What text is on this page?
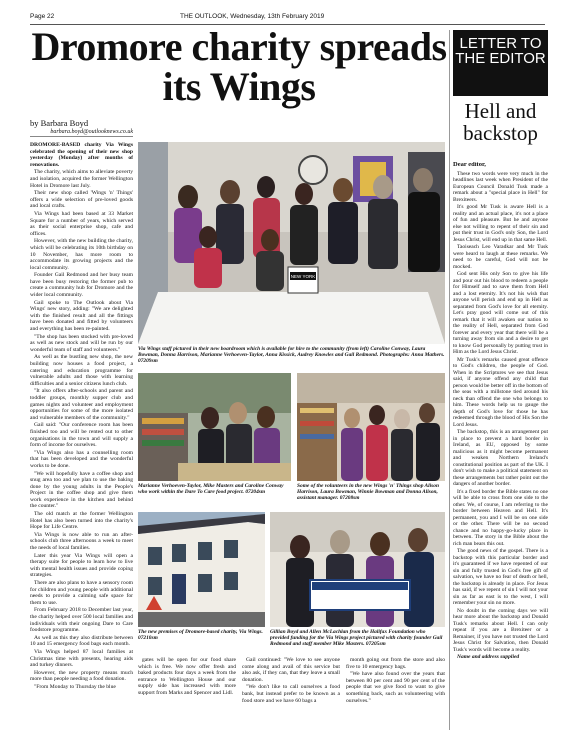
Page 22	THE OUTLOOK, Wednesday, 13th February 2019
Dromore charity spreads its Wings
by Barbara Boyd
barbara.boyd@outlooknews.co.uk

DROMORE-BASED charity Via Wings celebrated the opening of their new shop yesterday (Monday) after months of renovations.

The charity, which aims to alleviate poverty and isolation, acquired the former Wellington Hotel in Dromore last July.

Their new shop called 'Wings 'n' Things' offers a wide selection of pre-loved goods and local crafts.

Via Wings had been based at 33 Market Square for a number of years, which served as their social enterprise shop, cafe and offices.

However, with the new building the charity, which will be celebrating its 10th birthday on 10 November, has more room to accommodate its growing projects and the local community.

Founder Gail Redmond and her busy team have been busy restoring the former pub to create a community hub for Dromore and the wider local community.

Gail spoke to The Outlook about Via Wings' new story, adding: "We are delighted with the finished result and all the fittings have been donated and fitted by volunteers and everything has been re-painted.

"The shop has been stocked with pre-loved as well as new stock and will be run by our wonderful team of staff and volunteers."

As well as the bustling new shop, the new building now houses a food project, a catering and education programme for vulnerable adults and those with learning difficulties and a senior citizens lunch club.

"It also offers after-schools and parent and toddler groups, monthly supper club and games nights and volunteer and employment opportunities for some of the more isolated and vulnerable members of the community."

Gail said: "Our conference room has been finished too and will be rented out to other organisations in the town and will supply a form of income for ourselves.

"Via Wings also has a counselling room that has been developed and the wonderful works to be done.

"We will hopefully have a coffee shop and snug area too and we plan to use the baking done by the young adults in the People's Project in the coffee shop and give them work experience in the kitchen and behind the counter."

The old match at the former Wellington Hotel has also been turned into the charity's Hope for Life Centre.

Via Wings is now able to run an after-schools club three afternoons a week to meet the needs of local families.

Later this year Via Wings will open a therapy suite for people to learn how to live with mental health issues and provide coping strategies.

There are also plans to have a sensory room for children and young people with additional needs to provide a calming safe space for them to use.

From February 2018 to December last year, the charity helped over 500 local families and individuals with their ongoing Dare to Care foodstore programme.

As well as this they also distribute between 10 and 15 emergency food bags each month.

Via Wings helped 87 local families at Christmas time with presents, hearing aids and turkey dinners.

However, the new property means much more than people needing a food donation.

"From Monday to Thursday the blue

NEW YORK
Via Wings staff pictured in their new boardroom which is available for hire to the community (from left) Caroline Conway, Laura Bowman, Donna Harrison, Marianne Verhoeven-Taylor, Anna Kissick, Audrey Knowles and Gail Redmond. Photographs: Anna Mathers. 07209sm
Marianne Verhoeven-Taylor, Mike Masters and Caroline Conway who work within the Dare To Care food project. 07204sm
Some of the volunteers in the new Wings 'n' Things shop Alison Harrison, Laura Bowman, Winnie Bowman and Donna Alison, assistant manager. 07208sm
The new premises of Dromore-based charity, Via Wings. 07210sm
Gillian Boyd and Allen McLachlan from the Halifax Foundation who provided funding for the Via Wings project pictured with charity founder Gail Redmond and staff member Mike Masters. 07205sm

gates will be open for our food share which is free. We now offer fresh and baked products four days a week from the entrance to Wellington House and our supply side has increased with more support from Marks and Spencer and Lidl.

Gail continued: "We love to see anyone come along and avail of this service but also ask, if they can, that they leave a small donation.

"We don't like to call ourselves a food bank, but instead prefer to be known as a food store and we have 60 bags a

month going out from the store and also five to 10 emergency bags.

"We have also found over the years that between 80 per cent and 90 per cent of the people that we give food to want to give something back, such as volunteering with ourselves."

LETTER TO THE EDITOR
Hell and backstop
Dear editor,

These two words were very much in the headlines last week when President of the European Council Donald Tusk made a remark about a "special place in Hell" for Brexiteers.

It's good Mr Tusk is aware Hell is a reality and an actual place, it's not a place of fun and pleasure. But he and anyone else not willing to repent of their sin and put their trust in God's only Son, the Lord Jesus Christ, will end up in that same Hell.

Taoiseach Leo Varadkar and Mr Tusk were heard to laugh at these remarks. We need to be careful, God will not be mocked.

God sent His only Son to give his life and pour out his blood to redeem a people for Himself and to save them from Hell and a lost eternity. It's not his wish that anyone will perish and end up in Hell as separated from God's love for all eternity. Let's pray good will come out of this remark that it will awaken our nation to the reality of Hell, separated from God forever and every year that there will be a turning away from sin and a desire to get to know God personally by putting trust in Him as the Lord Jesus Christ.

Mr Tusk's remarks caused great offence to God's children, the people of God. When in the Scriptures we see that Jesus said, if anyone offend any child that person would be better off in the bottom of the seas with a millstone tied around his neck than offend the one who belongs to him. These words help us to gauge the depth of God's love for those he has redeemed through the blood of His Son the Lord Jesus.

The backstop, this is an arrangement put in place to prevent a hard border in Ireland, as EU, opposed by some malicious as it might become permanent and weaken Northern Ireland's constitutional position as part of the UK. I don't wish to make a political statement on these arrangements but rather point out the dangers of another border.

It's a fixed border the Bible states no one will be able to cross from one side to the other. We, of course, I am referring to the border between Heaven and Hell. It's permanent, you and I will be on one side or the other. There will be no second chance and no happy-go-lucky place in between. The story in the Bible about the rich man bears this out.

The good news of the gospel. There is a backstop with this particular border and it's guaranteed if we have repented of our sin and fully trusted in God's free gift of salvation, we have no fear of death or hell, the backstop is already in place. For Jesus has said, if we repent of sin I will not your sin as far as east is to the west, I will remember your sin no more.

No doubt in the coming days we will hear more about the backstop and Donald Tusk's remarks about Hell. I can only repeat if you are a Brexiteer or a Remainer, if you have not trusted the Lord Jesus Christ for Salvation, then Donald Tusk's words will become a reality.

Name and address supplied
